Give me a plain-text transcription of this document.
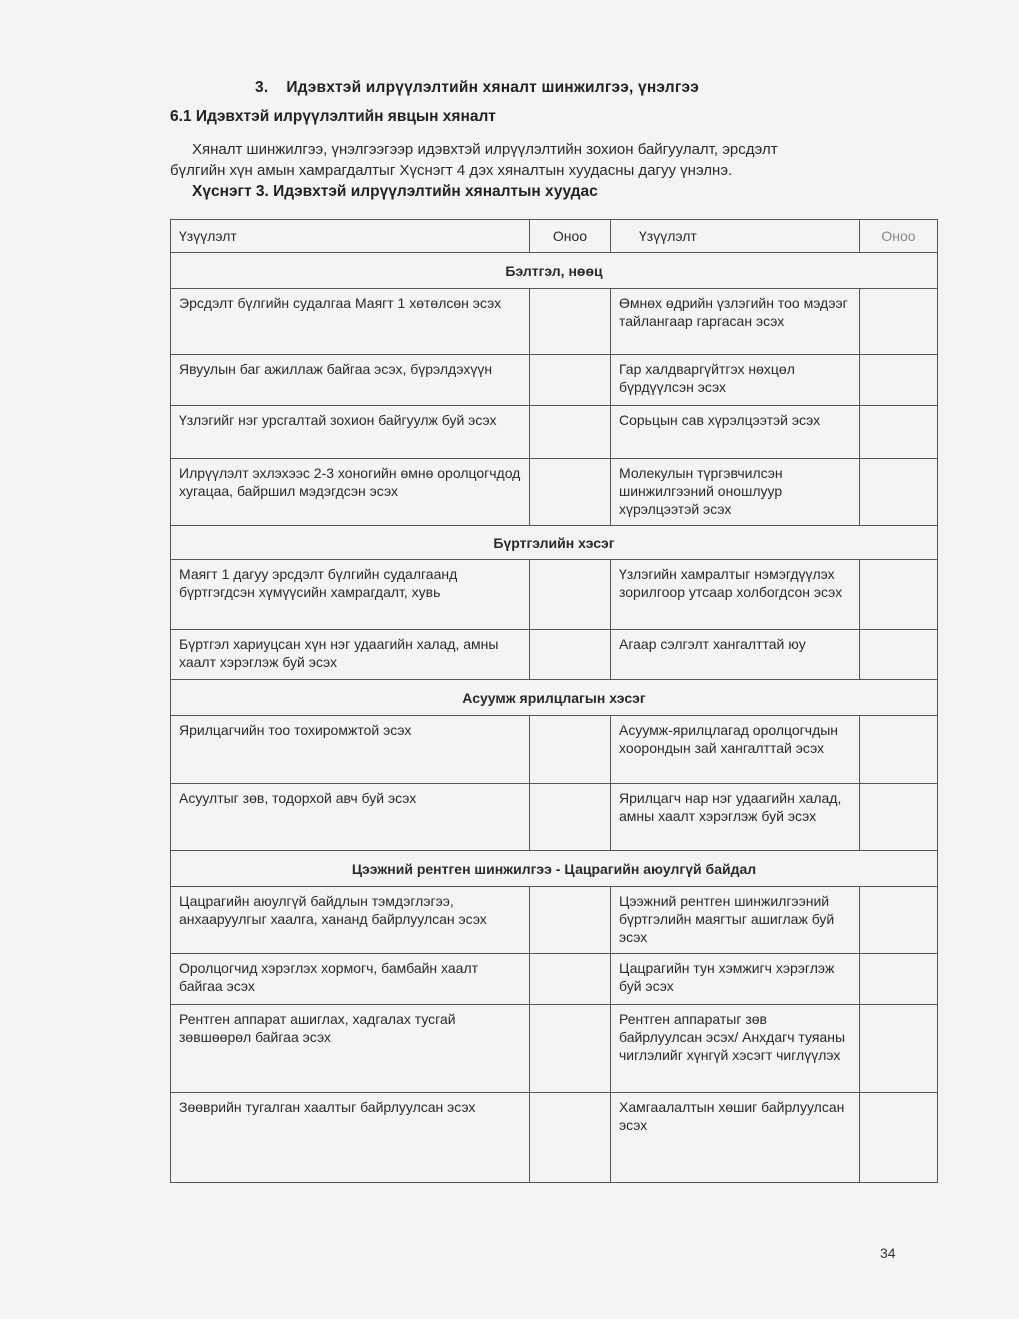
3. Идэвхтэй илрүүлэлтийн хяналт шинжилгээ, үнэлгээ
6.1 Идэвхтэй илрүүлэлтийн явцын хяналт
Хяналт шинжилгээ, үнэлгээгээр идэвхтэй илрүүлэлтийн зохион байгуулалт, эрсдэлт
бүлгийн хүн амын хамрагдалтыг Хүснэгт 4 дэх хяналтын хуудасны дагуу үнэлнэ.
Хүснэгт 3. Идэвхтэй илрүүлэлтийн хяналтын хуудас
Үзүүлэлт	Оноо	Үзүүлэлт	Оноо
Бэлтгэл, нөөц			
Эрсдэлт бүлгийн судалгаа Маягт 1 хөтөлсөн эсэх		Өмнөх өдрийн үзлэгийн тоо мэдээг тайлангаар гаргасан эсэх	
Явуулын баг ажиллаж байгаа эсэх, бүрэлдэхүүн		Гар халдваргүйтгэх нөхцөл бүрдүүлсэн эсэх	
Үзлэгийг нэг урсгалтай зохион байгуулж буй эсэх		Сорьцын сав хүрэлцээтэй эсэх	
Илрүүлэлт эхлэхээс 2-3 хоногийн өмнө оролцогчдод хугацаа, байршил мэдэгдсэн эсэх		Молекулын түргэвчилсэн шинжилгээний оношлуур хүрэлцээтэй эсэх	
Бүртгэлийн хэсэг			
Маягт 1 дагуу эрсдэлт бүлгийн судалгаанд бүртгэгдсэн хүмүүсийн хамрагдалт, хувь		Үзлэгийн хамралтыг нэмэгдүүлэх зорилгоор утсаар холбогдсон эсэх	
Бүртгэл хариуцсан хүн нэг удаагийн халад, амны хаалт хэрэглэж буй эсэх		Агаар сэлгэлт хангалттай юу	
Асуумж ярилцлагын хэсэг			
Ярилцагчийн тоо тохиромжтой эсэх		Асуумж-ярилцлагад оролцогчдын хоорондын зай хангалттай эсэх	
Асуултыг зөв, тодорхой авч буй эсэх		Ярилцагч нар нэг удаагийн халад, амны хаалт хэрэглэж буй эсэх	
Цээжний рентген шинжилгээ - Цацрагийн аюулгүй байдал			
Цацрагийн аюулгүй байдлын тэмдэглэгээ, анхааруулгыг хаалга, хананд байрлуулсан эсэх		Цээжний рентген шинжилгээний бүртгэлийн маягтыг ашиглаж буй эсэх	
Оролцогчид хэрэглэх хормогч, бамбайн хаалт байгаа эсэх		Цацрагийн тун хэмжигч хэрэглэж буй эсэх	
Рентген аппарат ашиглах, хадгалах тусгай зөвшөөрөл байгаа эсэх		Рентген аппаратыг зөв байрлуулсан эсэх/ Анхдагч туяаны чиглэлийг хүнгүй хэсэгт чиглүүлэх	
Зөөврийн тугалган хаалтыг байрлуулсан эсэх		Хамгаалалтын хөшиг байрлуулсан эсэх	
34
